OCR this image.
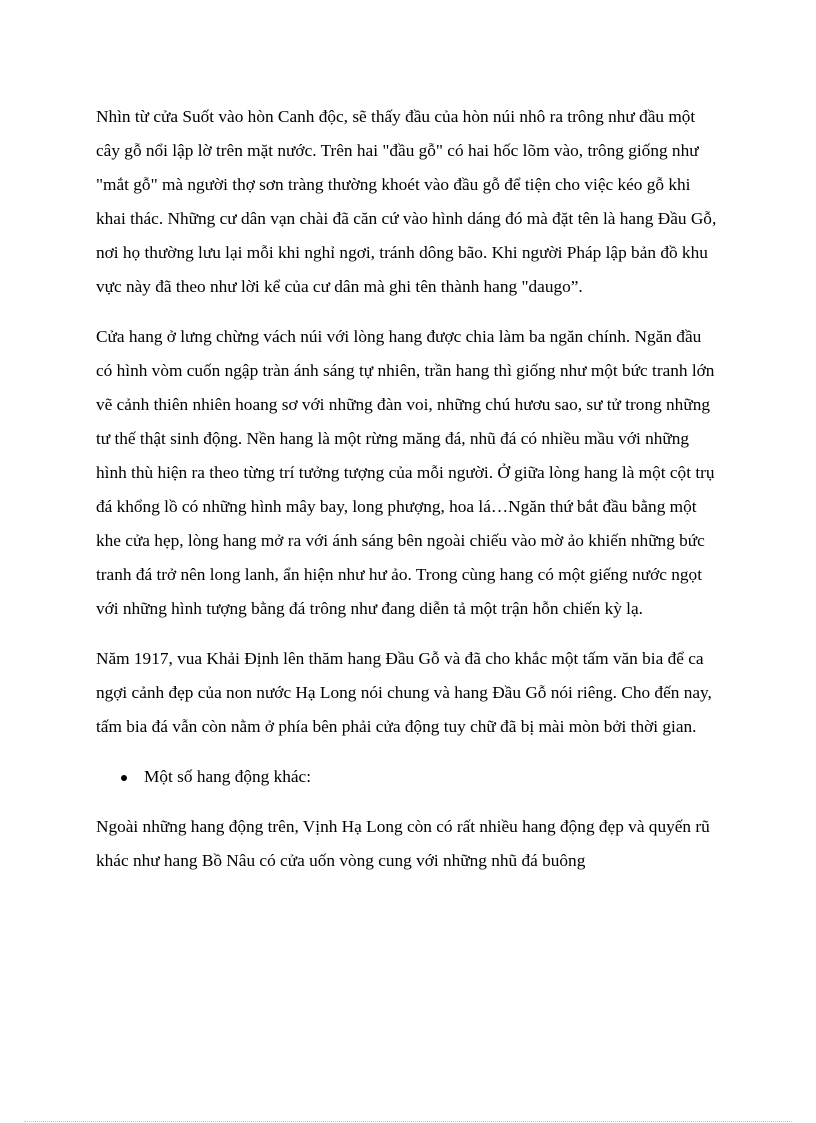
Nhìn từ cửa Suốt vào hòn Canh độc, sẽ thấy đầu của hòn núi nhô ra trông như đầu một cây gỗ nổi lập lờ trên mặt nước. Trên hai "đầu gỗ" có hai hốc lõm vào, trông giống như "mắt gỗ" mà người thợ sơn tràng thường khoét vào đầu gỗ để tiện cho việc kéo gỗ khi khai thác. Những cư dân vạn chài đã căn cứ vào hình dáng đó mà đặt tên là hang Đầu Gỗ, nơi họ thường lưu lại mỗi khi nghỉ ngơi, tránh dông bão. Khi người Pháp lập bản đồ khu vực này đã theo như lời kể của cư dân mà ghi tên thành hang "daugo”.

Cửa hang ở lưng chừng vách núi với lòng hang được chia làm ba ngăn chính. Ngăn đầu có hình vòm cuốn ngập tràn ánh sáng tự nhiên, trần hang thì giống như một bức tranh lớn vẽ cảnh thiên nhiên hoang sơ với những đàn voi, những chú hươu sao, sư tử trong những tư thế thật sinh động. Nền hang là một rừng măng đá, nhũ đá có nhiều mầu với những hình thù hiện ra theo từng trí tưởng tượng của mỗi người. Ở giữa lòng hang là một cột trụ đá khổng lồ có những hình mây bay, long phượng, hoa lá…Ngăn thứ bắt đầu bằng một khe cửa hẹp, lòng hang mở ra với ánh sáng bên ngoài chiếu vào mờ ảo khiến những bức tranh đá trở nên long lanh, ẩn hiện như hư ảo. Trong cùng hang có một giếng nước ngọt với những hình tượng bằng đá trông như đang diễn tả một trận hỗn chiến kỳ lạ.

Năm 1917, vua Khải Định lên thăm hang Đầu Gỗ và đã cho khắc một tấm văn bia để ca ngợi cảnh đẹp của non nước Hạ Long nói chung và hang Đầu Gỗ nói riêng. Cho đến nay, tấm bia đá vẫn còn nằm ở phía bên phải cửa động tuy chữ đã bị mài mòn bởi thời gian.

Một số hang động khác:

Ngoài những hang động trên, Vịnh Hạ Long còn có rất nhiều hang động đẹp và quyến rũ khác như hang Bồ Nâu có cửa uốn vòng cung với những nhũ đá buông
